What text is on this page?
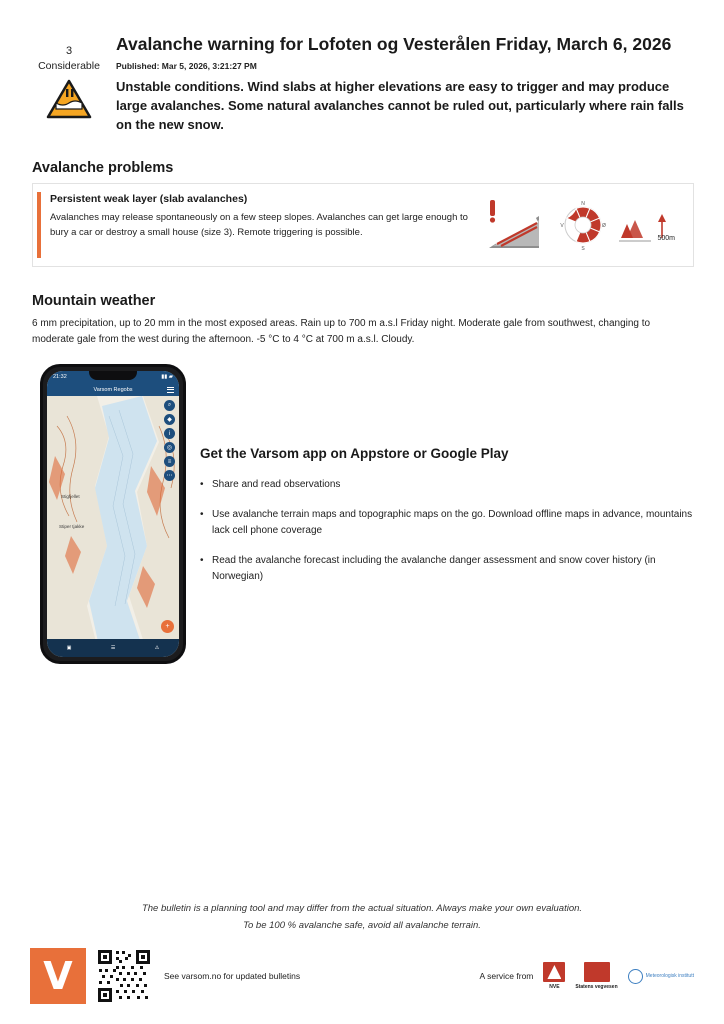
3
Considerable
Avalanche warning for Lofoten og Vesterålen Friday, March 6, 2026
Published: Mar 5, 2026, 3:21:27 PM

Unstable conditions. Wind slabs at higher elevations are easy to trigger and may produce large avalanches. Some natural avalanches cannot be ruled out, particularly where rain falls on the new snow.

Avalanche problems
Persistent weak layer (slab avalanches)

Avalanches may release spontaneously on a few steep slopes. Avalanches can get large enough to bury a car or destroy a small house (size 3). Remote triggering is possible.

N
Ø
S
V
500m
Mountain weather
6 mm precipitation, up to 20 mm in the most exposed areas. Rain up to 700 m a.s.l Friday night. Moderate gale from southwest, changing to moderate gale from the west during the afternoon. -5 °C to 4 °C at 700 m a.s.l. Cloudy.
21:32	▮▮ ▰
Varsom Regobs
Stigfjellet
Stiper tjakke
⌕
◆
i
◎
≡
⋯
+
▣	☰	⚠
Get the Varsom app on Appstore or Google Play

• Share and read observations

• Use avalanche terrain maps and topographic maps on the go. Download offline maps in advance, mountains lack cell phone coverage

• Read the avalanche forecast including the avalanche danger assessment and snow cover history (in Norwegian)

The bulletin is a planning tool and may differ from the actual situation. Always make your own evaluation.
To be 100 % avalanche safe, avoid all avalanche terrain.
V	See varsom.no for updated bulletins	A service from
NVE	Statens vegvesen
Meteorologisk institutt
